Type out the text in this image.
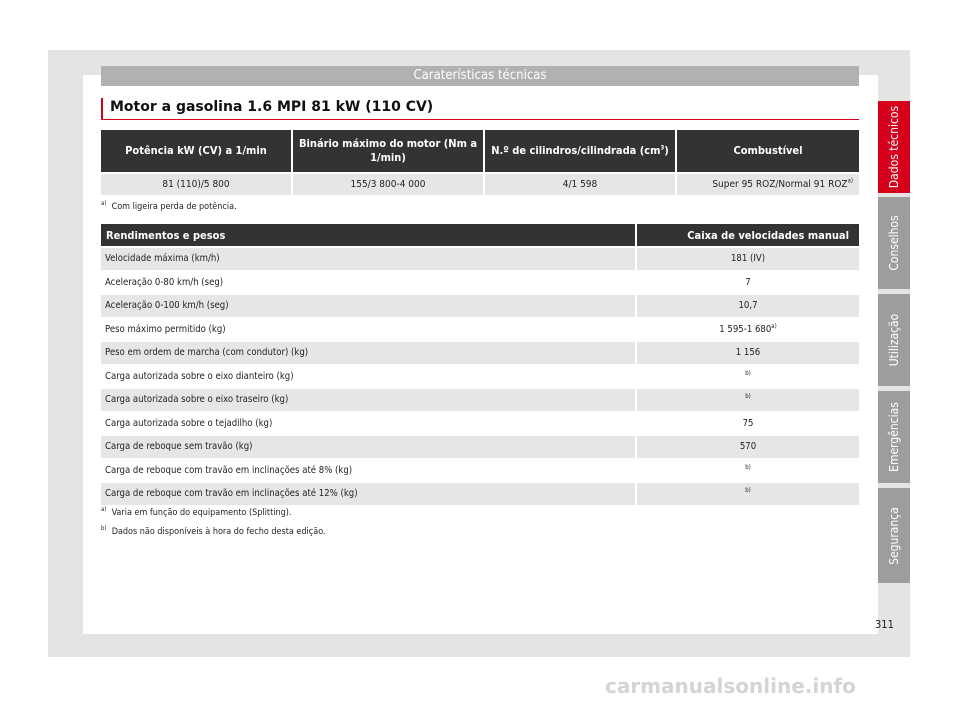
Caraterísticas técnicas
Motor a gasolina 1.6 MPI 81 kW (110 CV)
Potência kW (CV) a 1/min	Binário máximo do motor (Nm a 1/min)	N.º de cilindros/cilindrada $(cm^3)$	Combustível
81 (110)/5 800	155/3 800-4 000	4/1 598	Super 95 ROZ/Normal 91 ROZ$^{a)}$
$^{a)}$ Com ligeira perda de potência.
Rendimentos e pesos	Caixa de velocidades manual
Velocidade máxima (km/h)	181 (IV)
Aceleração 0-80 km/h (seg)	7
Aceleração 0-100 km/h (seg)	10,7
Peso máximo permitido (kg)	1 595-1 680$^{a)}$
Peso em ordem de marcha (com condutor) (kg)	1 156
Carga autorizada sobre o eixo dianteiro (kg)	$^{b)}$
Carga autorizada sobre o eixo traseiro (kg)	$^{b)}$
Carga autorizada sobre o tejadilho (kg)	75
Carga de reboque sem travão (kg)	570
Carga de reboque com travão em inclinações até 8% (kg)	$^{b)}$
Carga de reboque com travão em inclinações até 12% (kg)	$^{b)}$
$^{a)}$ Varia em função do equipamento (Splitting).
$^{b)}$ Dados não disponíveis à hora do fecho desta edição.
Dados técnicos
Conselhos
Utilização
Emergências
Segurança
311
carmanualsonline.info
